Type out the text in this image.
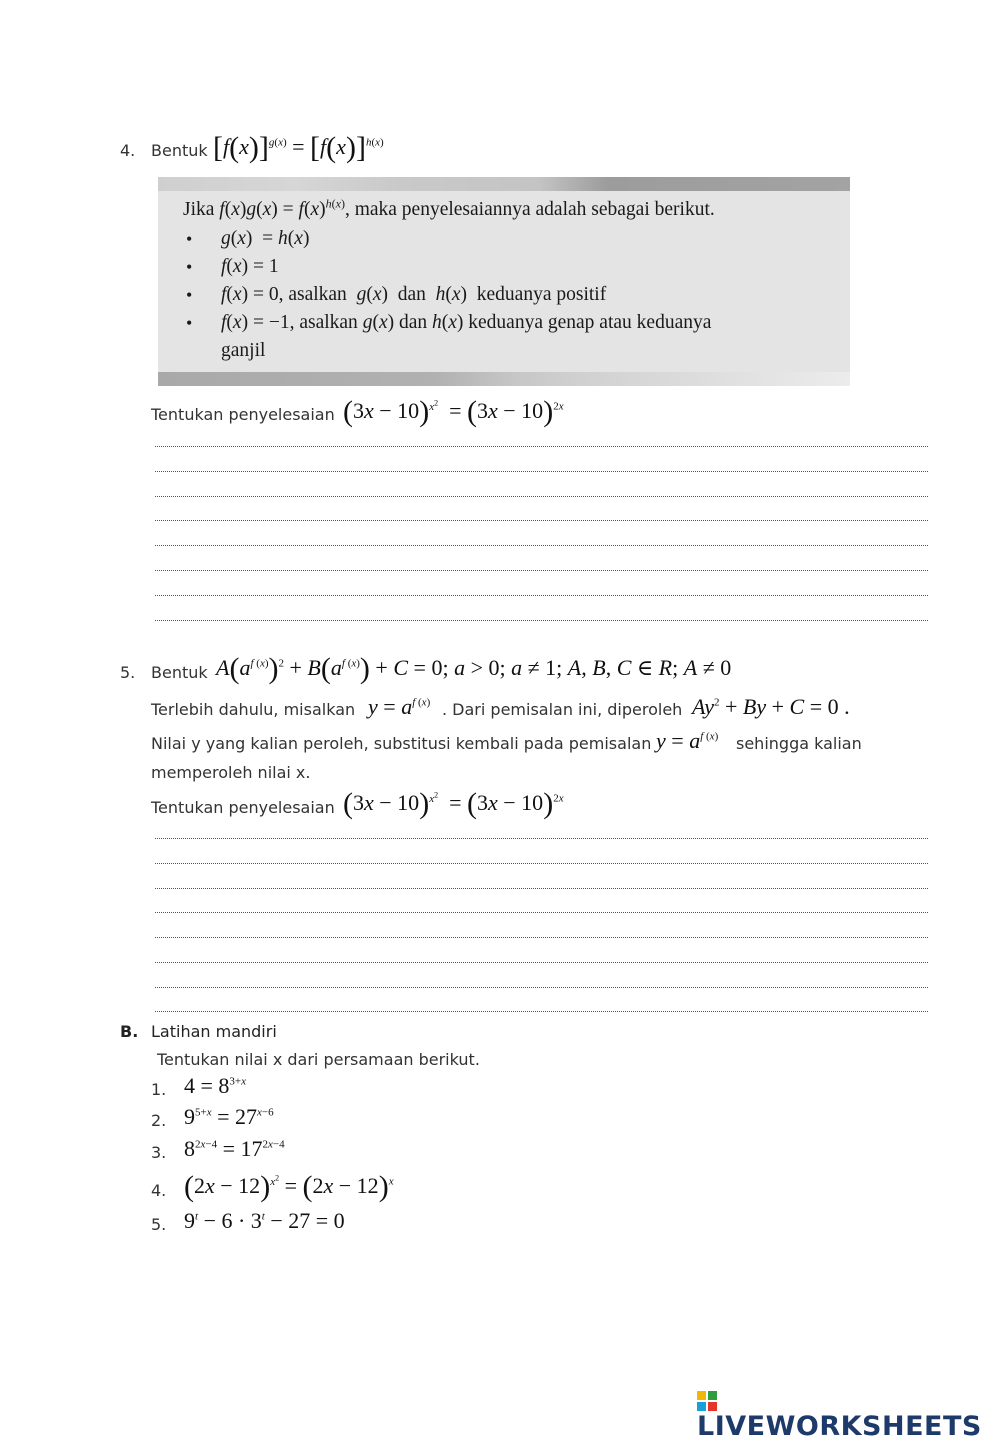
4. Bentuk $[f(x)]^{g(x)} = [f(x)]^{h(x)}$
Jika $f(x)g(x) = f(x)^{h(x)}$, maka penyelesaiannya adalah sebagai berikut.
• g(x)  = h(x)
• f(x) = 1
• f(x) = 0, asalkan g(x)  dan h(x)  keduanya positif
• f(x) = −1, asalkan g(x) dan h(x) keduanya genap atau keduanya
ganjil
Tentukan penyelesaian $(3x - 10)^{x^2} = (3x - 10)^{2x}$
5. Bentuk $A(a^{f (x)})^2 + B(a^{f (x)}) + C = 0$; a > 0; a ≠ 1; A, B, C ∈ R; A ≠ 0
Terlebih dahulu, misalkan $y = a^{f (x)}$ . Dari pemisalan ini, diperoleh $Ay^2 + By + C = 0$ .
Nilai y yang kalian peroleh, substitusi kembali pada pemisalan $y = a^{f (x)}$ sehingga kalian
memperoleh nilai x.
Tentukan penyelesaian $(3x - 10)^{x^2} = (3x - 10)^{2x}$
B. Latihan mandiri
Tentukan nilai x dari persamaan berikut.
1. $4 = 8^{3+x}$
2. $9^{5+x} = 27^{x-6}$
3. $8^{2x-4} = 17^{2x-4}$
4. $(2x - 12)^{x^2} = (2x - 12)^x$
5. $9^t - 6 \cdot 3^t - 27 = 0$
LIVEWORKSHEETS
